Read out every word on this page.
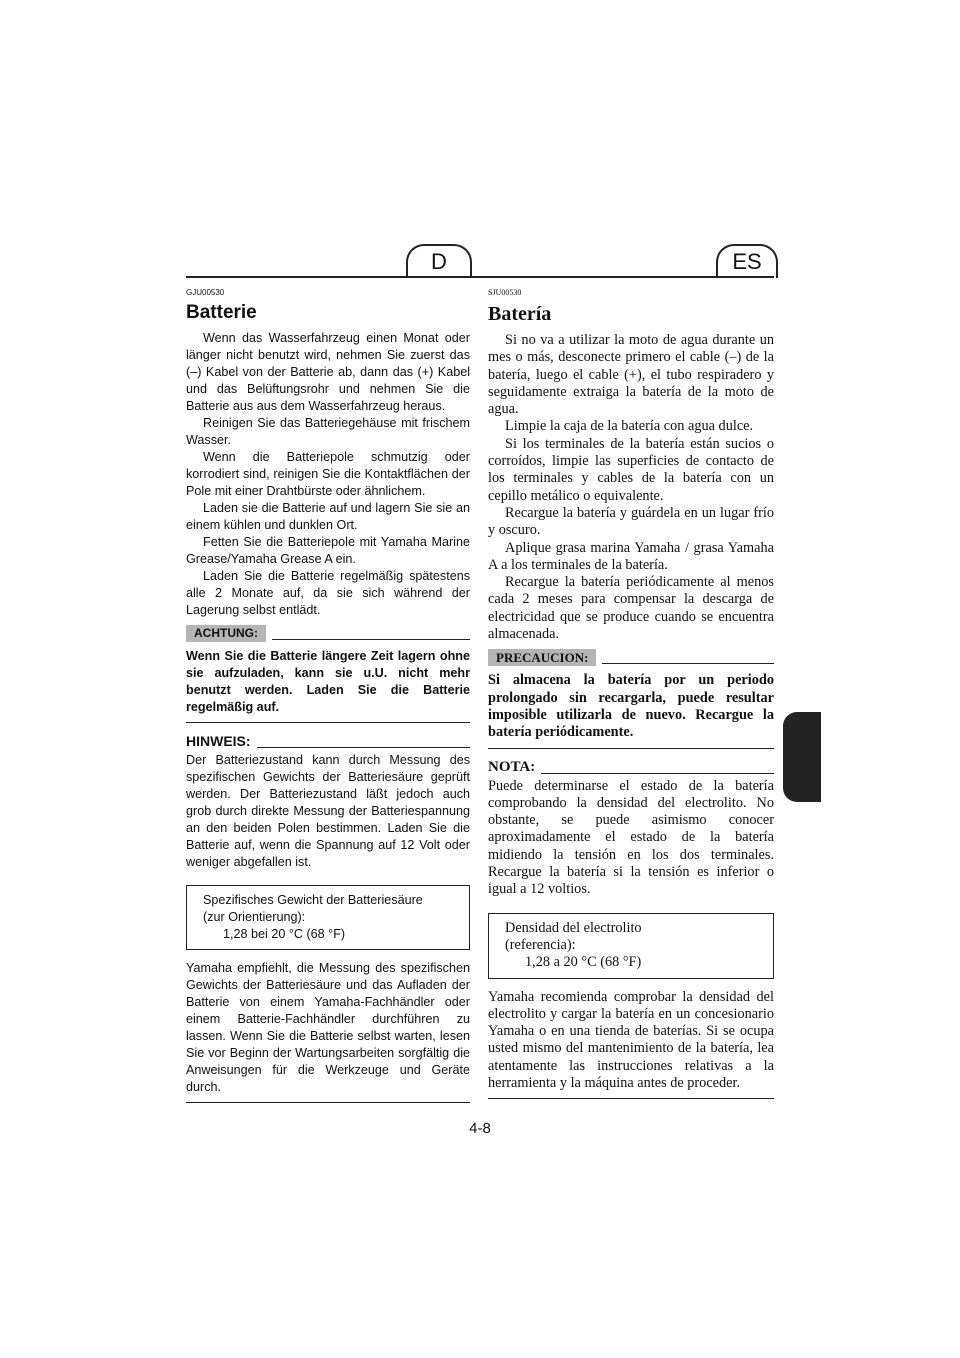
D	ES
GJU00530
Batterie

Wenn das Wasserfahrzeug einen Monat oder länger nicht benutzt wird, nehmen Sie zuerst das (–) Kabel von der Batterie ab, dann das (+) Kabel und das Belüftungsrohr und nehmen Sie die Batterie aus aus dem Wasserfahrzeug heraus.

Reinigen Sie das Batteriegehäuse mit frischem Wasser.

Wenn die Batteriepole schmutzig oder korrodiert sind, reinigen Sie die Kontaktflächen der Pole mit einer Drahtbürste oder ähnlichem.

Laden sie die Batterie auf und lagern Sie sie an einem kühlen und dunklen Ort.

Fetten Sie die Batteriepole mit Yamaha Marine Grease/Yamaha Grease A ein.

Laden Sie die Batterie regelmäßig spätestens alle 2 Monate auf, da sie sich während der Lagerung selbst entlädt.

ACHTUNG:

Wenn Sie die Batterie längere Zeit lagern ohne sie aufzuladen, kann sie u.U. nicht mehr benutzt werden. Laden Sie die Batterie regelmäßig auf.

HINWEIS:

Der Batteriezustand kann durch Messung des spezifischen Gewichts der Batteriesäure geprüft werden. Der Batteriezustand läßt jedoch auch grob durch direkte Messung der Batteriespannung an den beiden Polen bestimmen. Laden Sie die Batterie auf, wenn die Spannung auf 12 Volt oder weniger abgefallen ist.

Spezifisches Gewicht der Batteriesäure
(zur Orientierung):
1,28 bei 20 °C (68 °F)

Yamaha empfiehlt, die Messung des spezifischen Gewichts der Batteriesäure und das Aufladen der Batterie von einem Yamaha-Fachhändler oder einem Batterie-Fachhändler durchführen zu lassen. Wenn Sie die Batterie selbst warten, lesen Sie vor Beginn der Wartungsarbeiten sorgfältig die Anweisungen für die Werkzeuge und Geräte durch.

SJU00530
Batería

Si no va a utilizar la moto de agua durante un mes o más, desconecte primero el cable (–) de la batería, luego el cable (+), el tubo respiradero y seguidamente extraiga la batería de la moto de agua.

Limpie la caja de la batería con agua dulce.

Si los terminales de la batería están sucios o corroídos, limpie las superficies de contacto de los terminales y cables de la batería con un cepillo metálico o equivalente.

Recargue la batería y guárdela en un lugar frío y oscuro.

Aplique grasa marina Yamaha / grasa Yamaha A a los terminales de la batería.

Recargue la batería periódicamente al menos cada 2 meses para compensar la descarga de electricidad que se produce cuando se encuentra almacenada.

PRECAUCION:

Si almacena la batería por un periodo prolongado sin recargarla, puede resultar imposible utilizarla de nuevo. Recargue la batería periódicamente.

NOTA:

Puede determinarse el estado de la batería comprobando la densidad del electrolito. No obstante, se puede asimismo conocer aproximadamente el estado de la batería midiendo la tensión en los dos terminales. Recargue la batería si la tensión es inferior o igual a 12 voltios.

Densidad del electrolito
(referencia):
1,28 a 20 °C (68 °F)

Yamaha recomienda comprobar la densidad del electrolito y cargar la batería en un concesionario Yamaha o en una tienda de baterías. Si se ocupa usted mismo del mantenimiento de la batería, lea atentamente las instrucciones relativas a la herramienta y la máquina antes de proceder.

4-8
